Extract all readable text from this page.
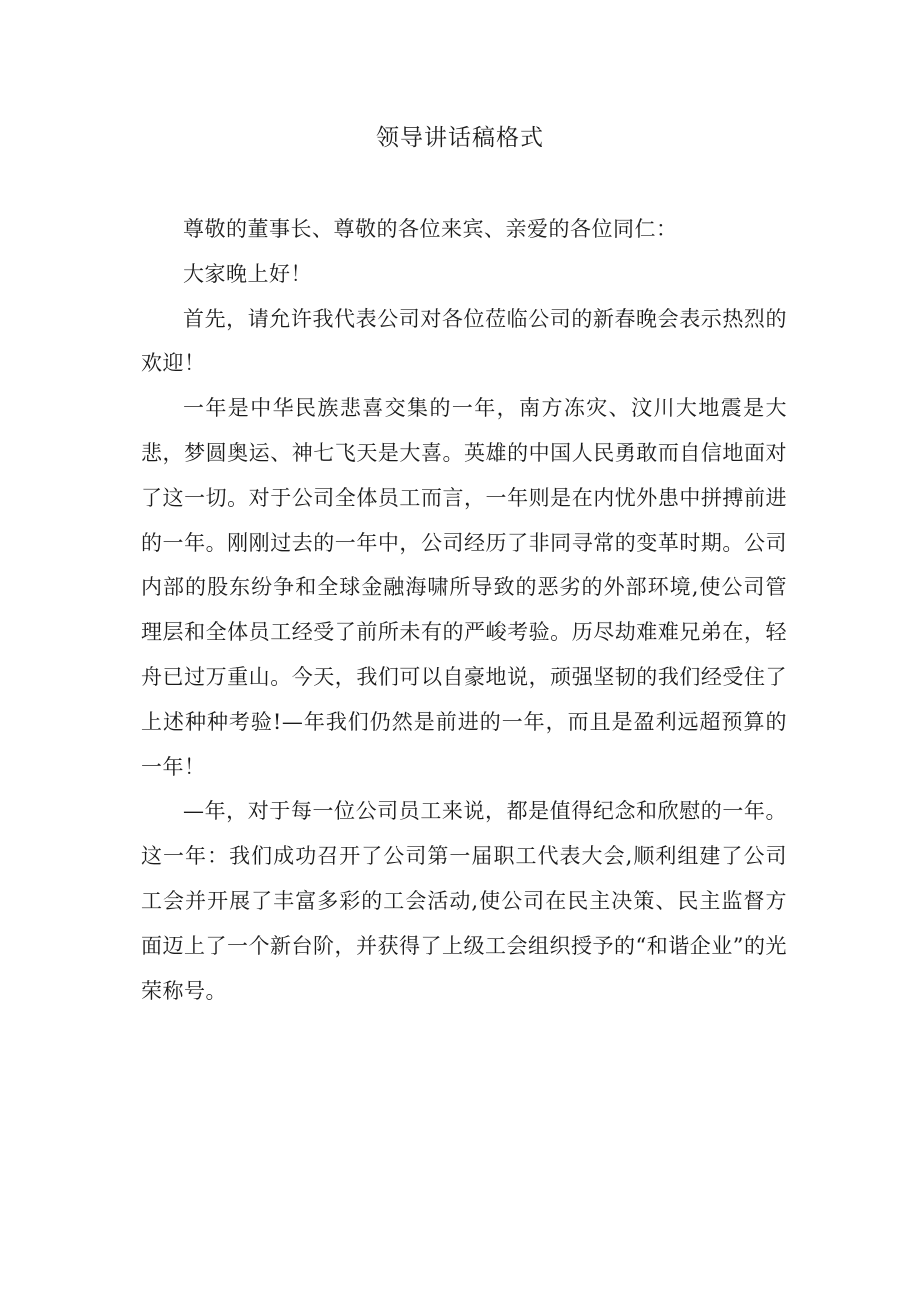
领导讲话稿格式

尊敬的董事长、尊敬的各位来宾、亲爱的各位同仁：

大家晚上好！

首先，请允许我代表公司对各位莅临公司的新春晚会表示热烈的欢迎！

一年是中华民族悲喜交集的一年，南方冻灾、汶川大地震是大悲，梦圆奥运、神七飞天是大喜。英雄的中国人民勇敢而自信地面对了这一切。对于公司全体员工而言，一年则是在内忧外患中拼搏前进的一年。刚刚过去的一年中，公司经历了非同寻常的变革时期。公司内部的股东纷争和全球金融海啸所导致的恶劣的外部环境,使公司管理层和全体员工经受了前所未有的严峻考验。历尽劫难难兄弟在，轻舟已过万重山。今天，我们可以自豪地说，顽强坚韧的我们经受住了上述种种考验!—年我们仍然是前进的一年，而且是盈利远超预算的一年！

—年，对于每一位公司员工来说，都是值得纪念和欣慰的一年。这一年：我们成功召开了公司第一届职工代表大会,顺利组建了公司工会并开展了丰富多彩的工会活动,使公司在民主决策、民主监督方面迈上了一个新台阶，并获得了上级工会组织授予的“和谐企业”的光荣称号。
